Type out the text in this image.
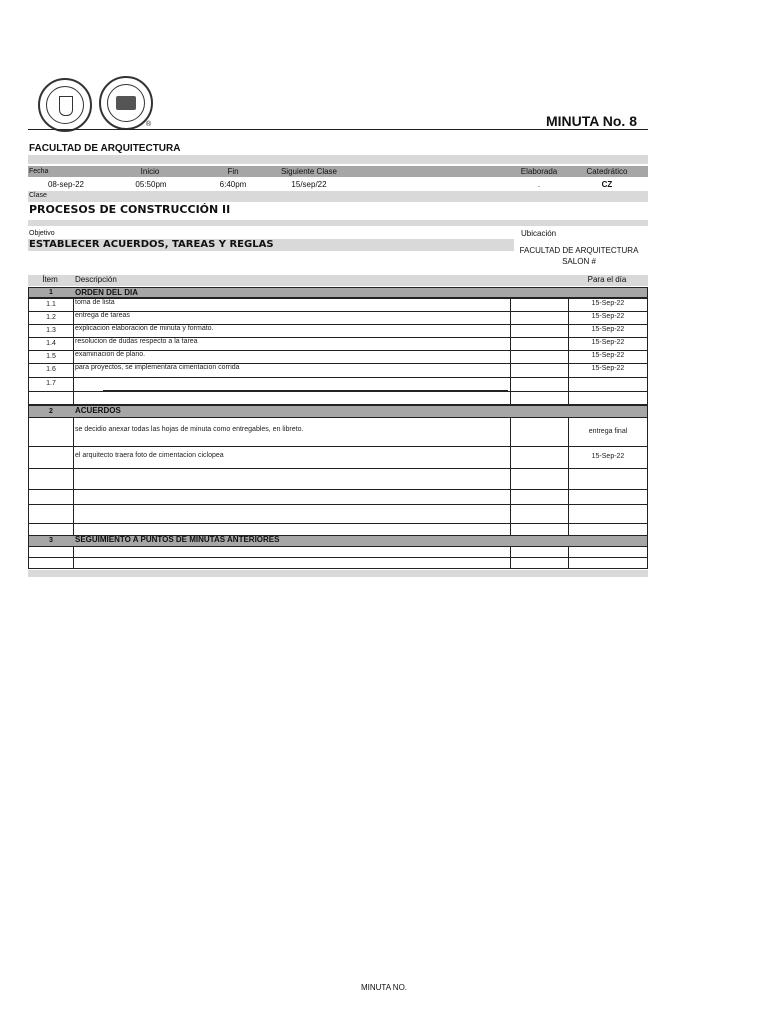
®	MINUTA No. 8
FACULTAD DE ARQUITECTURA
Fecha	Inicio	Fin	Siguiente Clase	Elaborada	Catedrático
08-sep-22	05:50pm	6:40pm	15/sep/22	.	CZ
Clase
PROCESOS DE CONSTRUCCIÓN II
Objetivo	Ubicación
ESTABLECER ACUERDOS, TAREAS Y REGLAS
FACULTAD DE ARQUITECTURA
SALON #
Ítem	Descripción	Para el día
1	ORDEN DEL DIA
1.1	toma de lista	15-Sep-22
1.2	entrega de tareas	15-Sep-22
1.3	explicacion elaboracion de minuta y formato.	15-Sep-22
1.4	resolucion de dudas respecto a la tarea	15-Sep-22
1.5	examinacion de plano.	15-Sep-22
1.6	para proyectos, se implementara cimentacion corrida	15-Sep-22
1.7
2	ACUERDOS
se decidio anexar todas las hojas de minuta como entregables, en libreto.	entrega final
el arquitecto traera foto de cimentacion ciclopea	15-Sep-22
3	SEGUIMIENTO A PUNTOS DE MINUTAS ANTERIORES
MINUTA NO.
